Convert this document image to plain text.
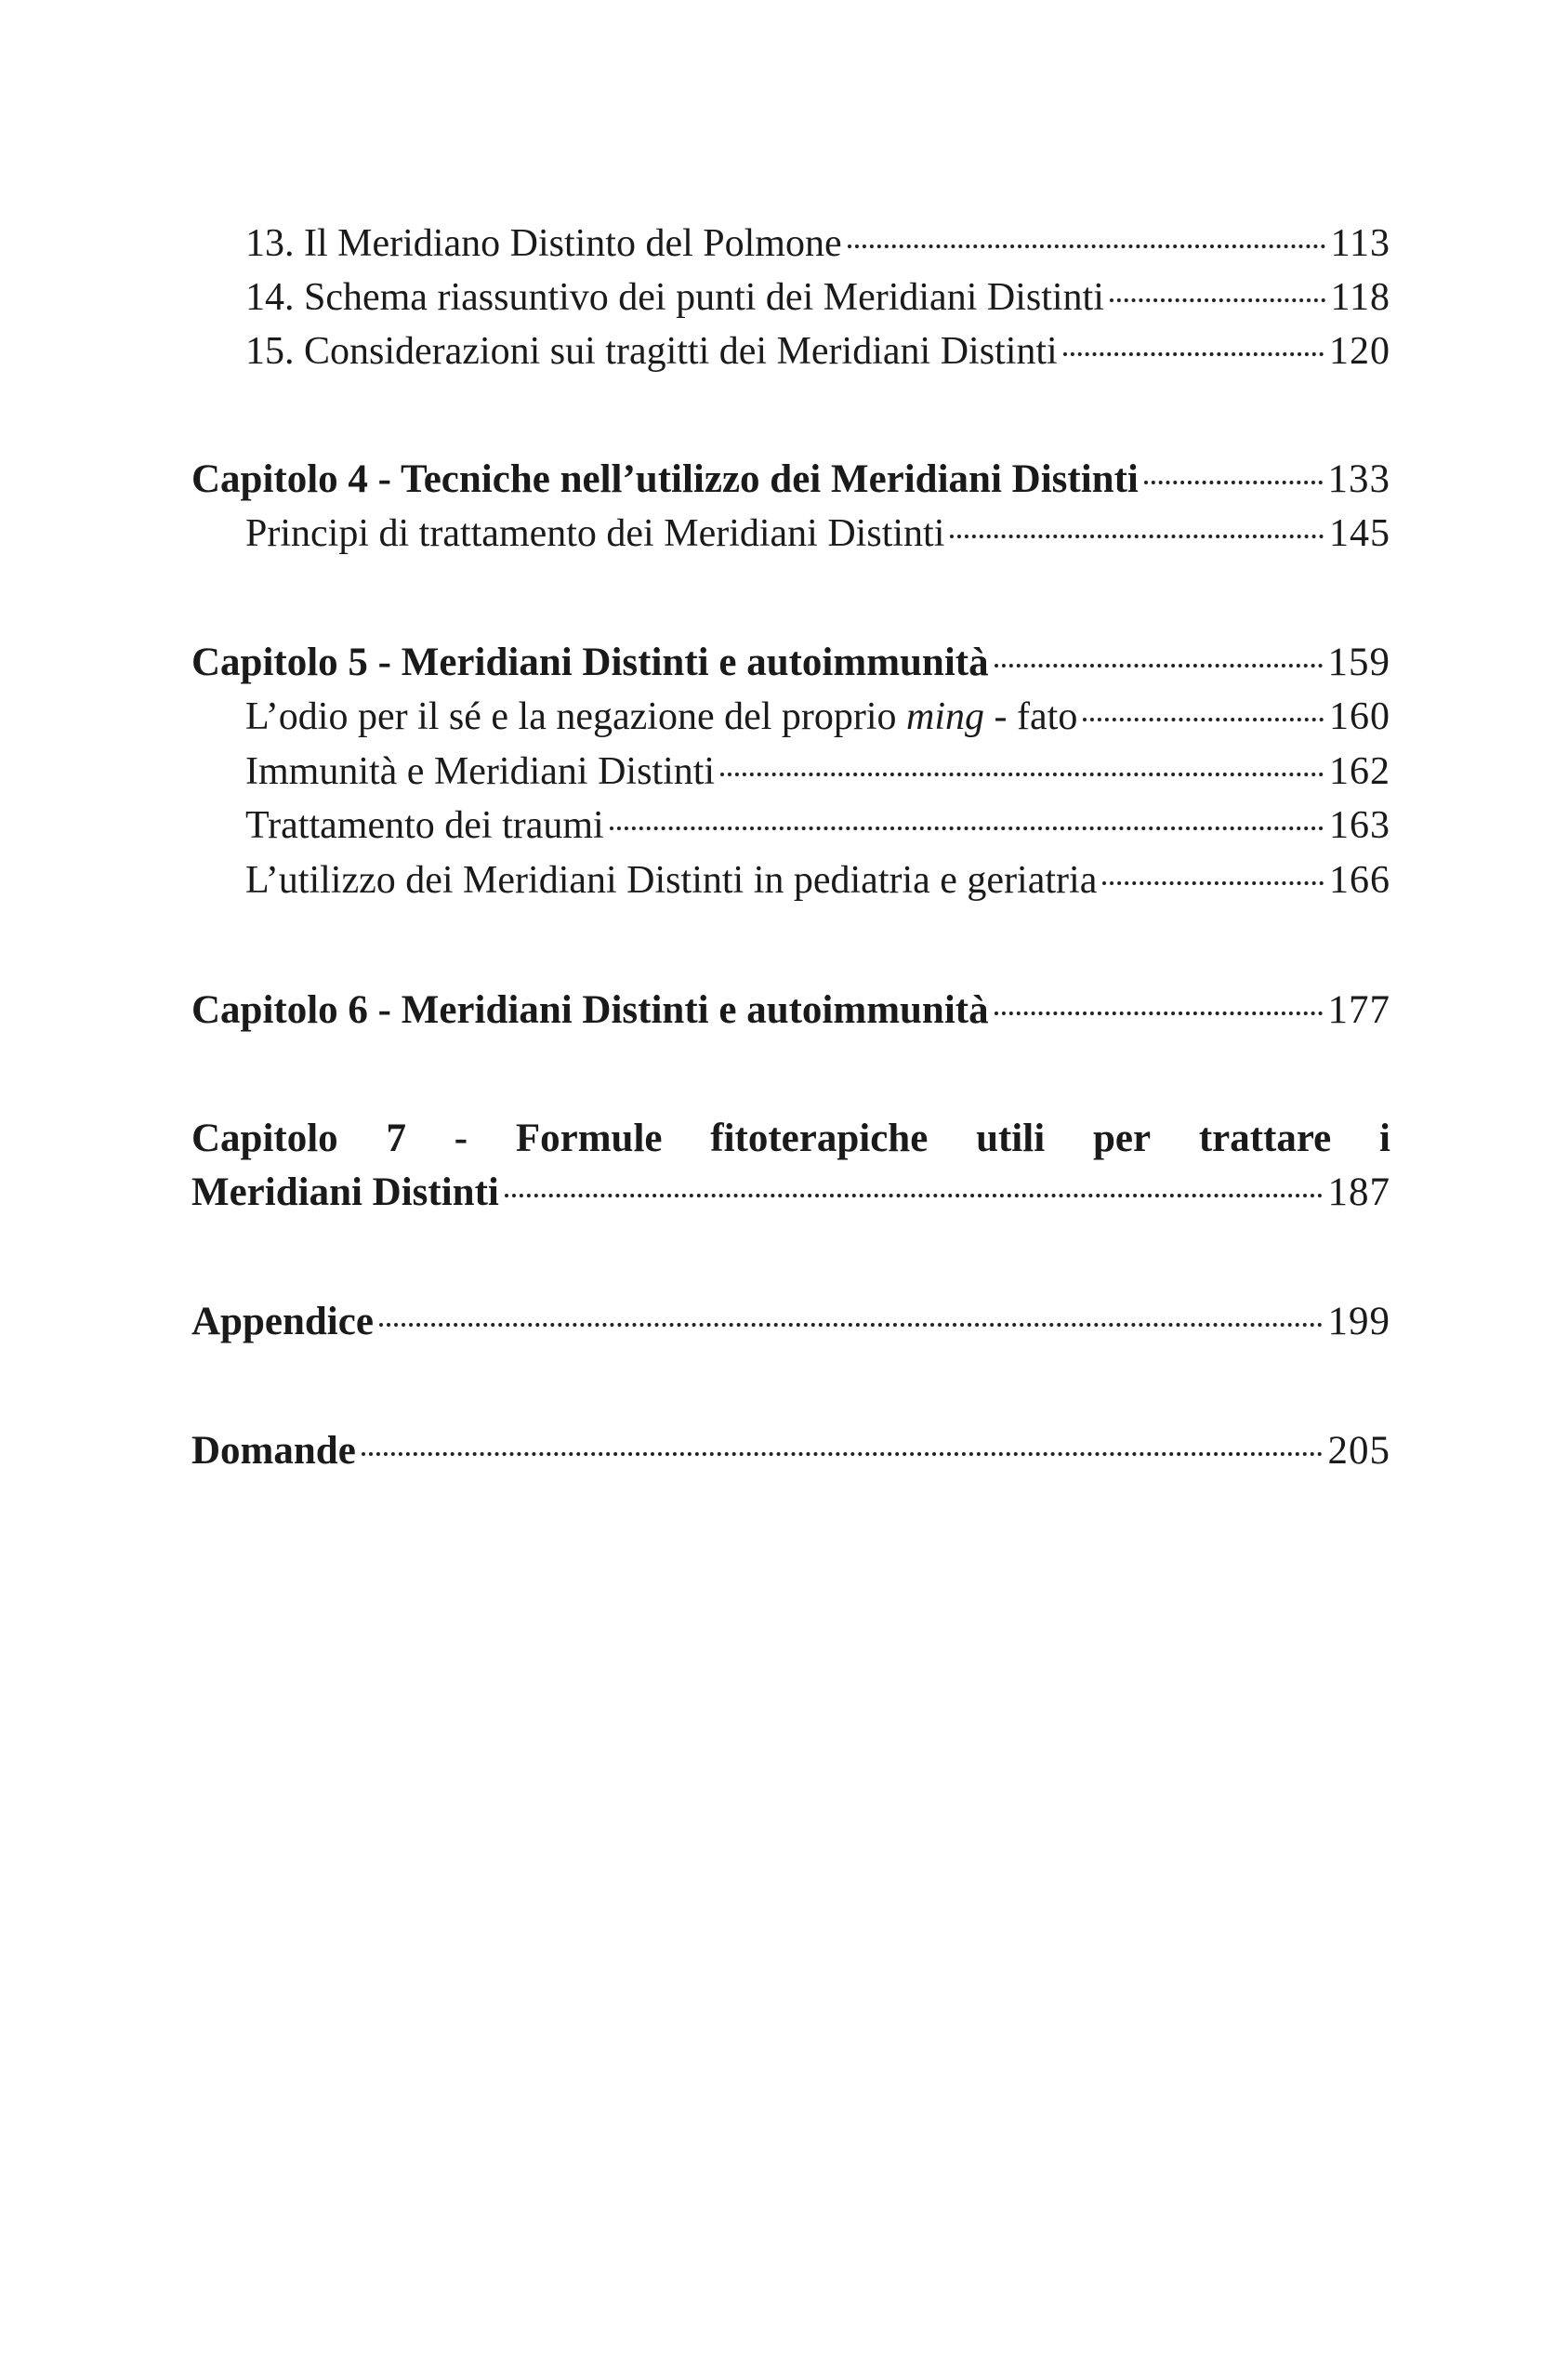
13. Il Meridiano Distinto del Polmone	113
14. Schema riassuntivo dei punti dei Meridiani Distinti	118
15. Considerazioni sui tragitti dei Meridiani Distinti	120
Capitolo 4 - Tecniche nell’utilizzo dei Meridiani Distinti	133
Principi di trattamento dei Meridiani Distinti	145
Capitolo 5 - Meridiani Distinti e autoimmunità	159
L’odio per il sé e la negazione del proprio ming - fato	160
Immunità e Meridiani Distinti	162
Trattamento dei traumi	163
L’utilizzo dei Meridiani Distinti in pediatria e geriatria	166
Capitolo 6 - Meridiani Distinti e autoimmunità	177
Capitolo 7 - Formule fitoterapiche utili per trattare i
Meridiani Distinti	187
Appendice	199
Domande	205
